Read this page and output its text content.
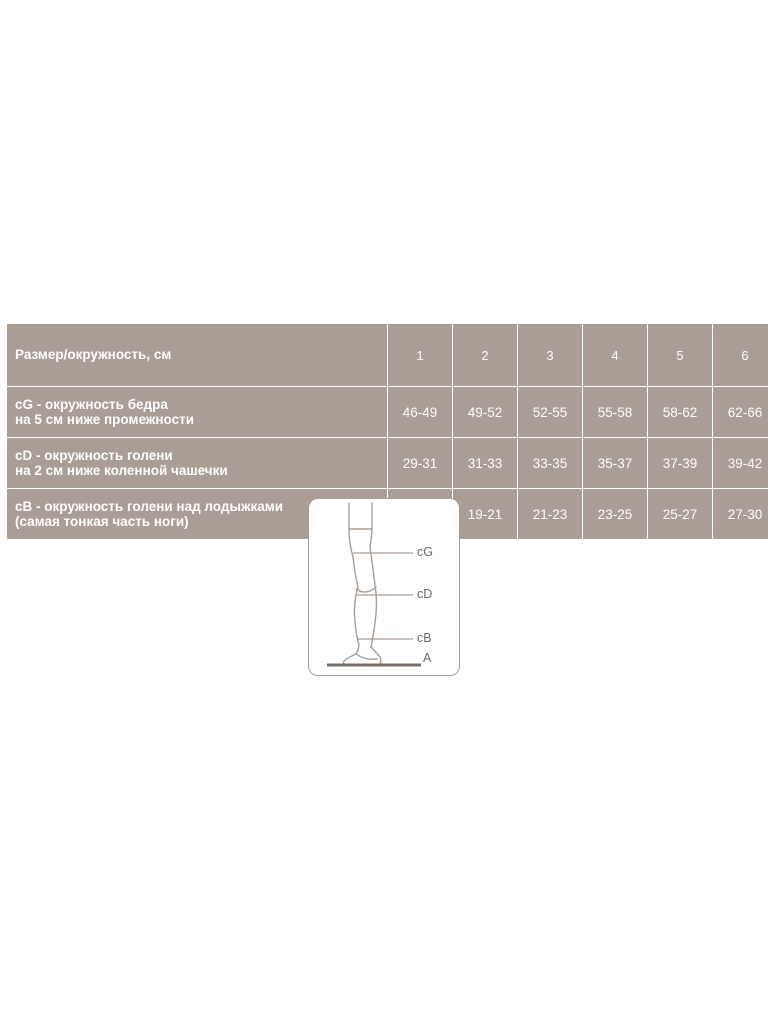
Размер/окружность, см	1	2	3	4	5	6

cG - окружность бедра
на 5 см ниже промежности	46-49	49-52	52-55	55-58	58-62	62-66

cD - окружность голени
на 2 см ниже коленной чашечки	29-31	31-33	33-35	35-37	37-39	39-42

cB - окружность голени над лодыжками
(самая тонкая часть ноги)		19-21	21-23	23-25	25-27	27-30
cG
cD
cB
A
